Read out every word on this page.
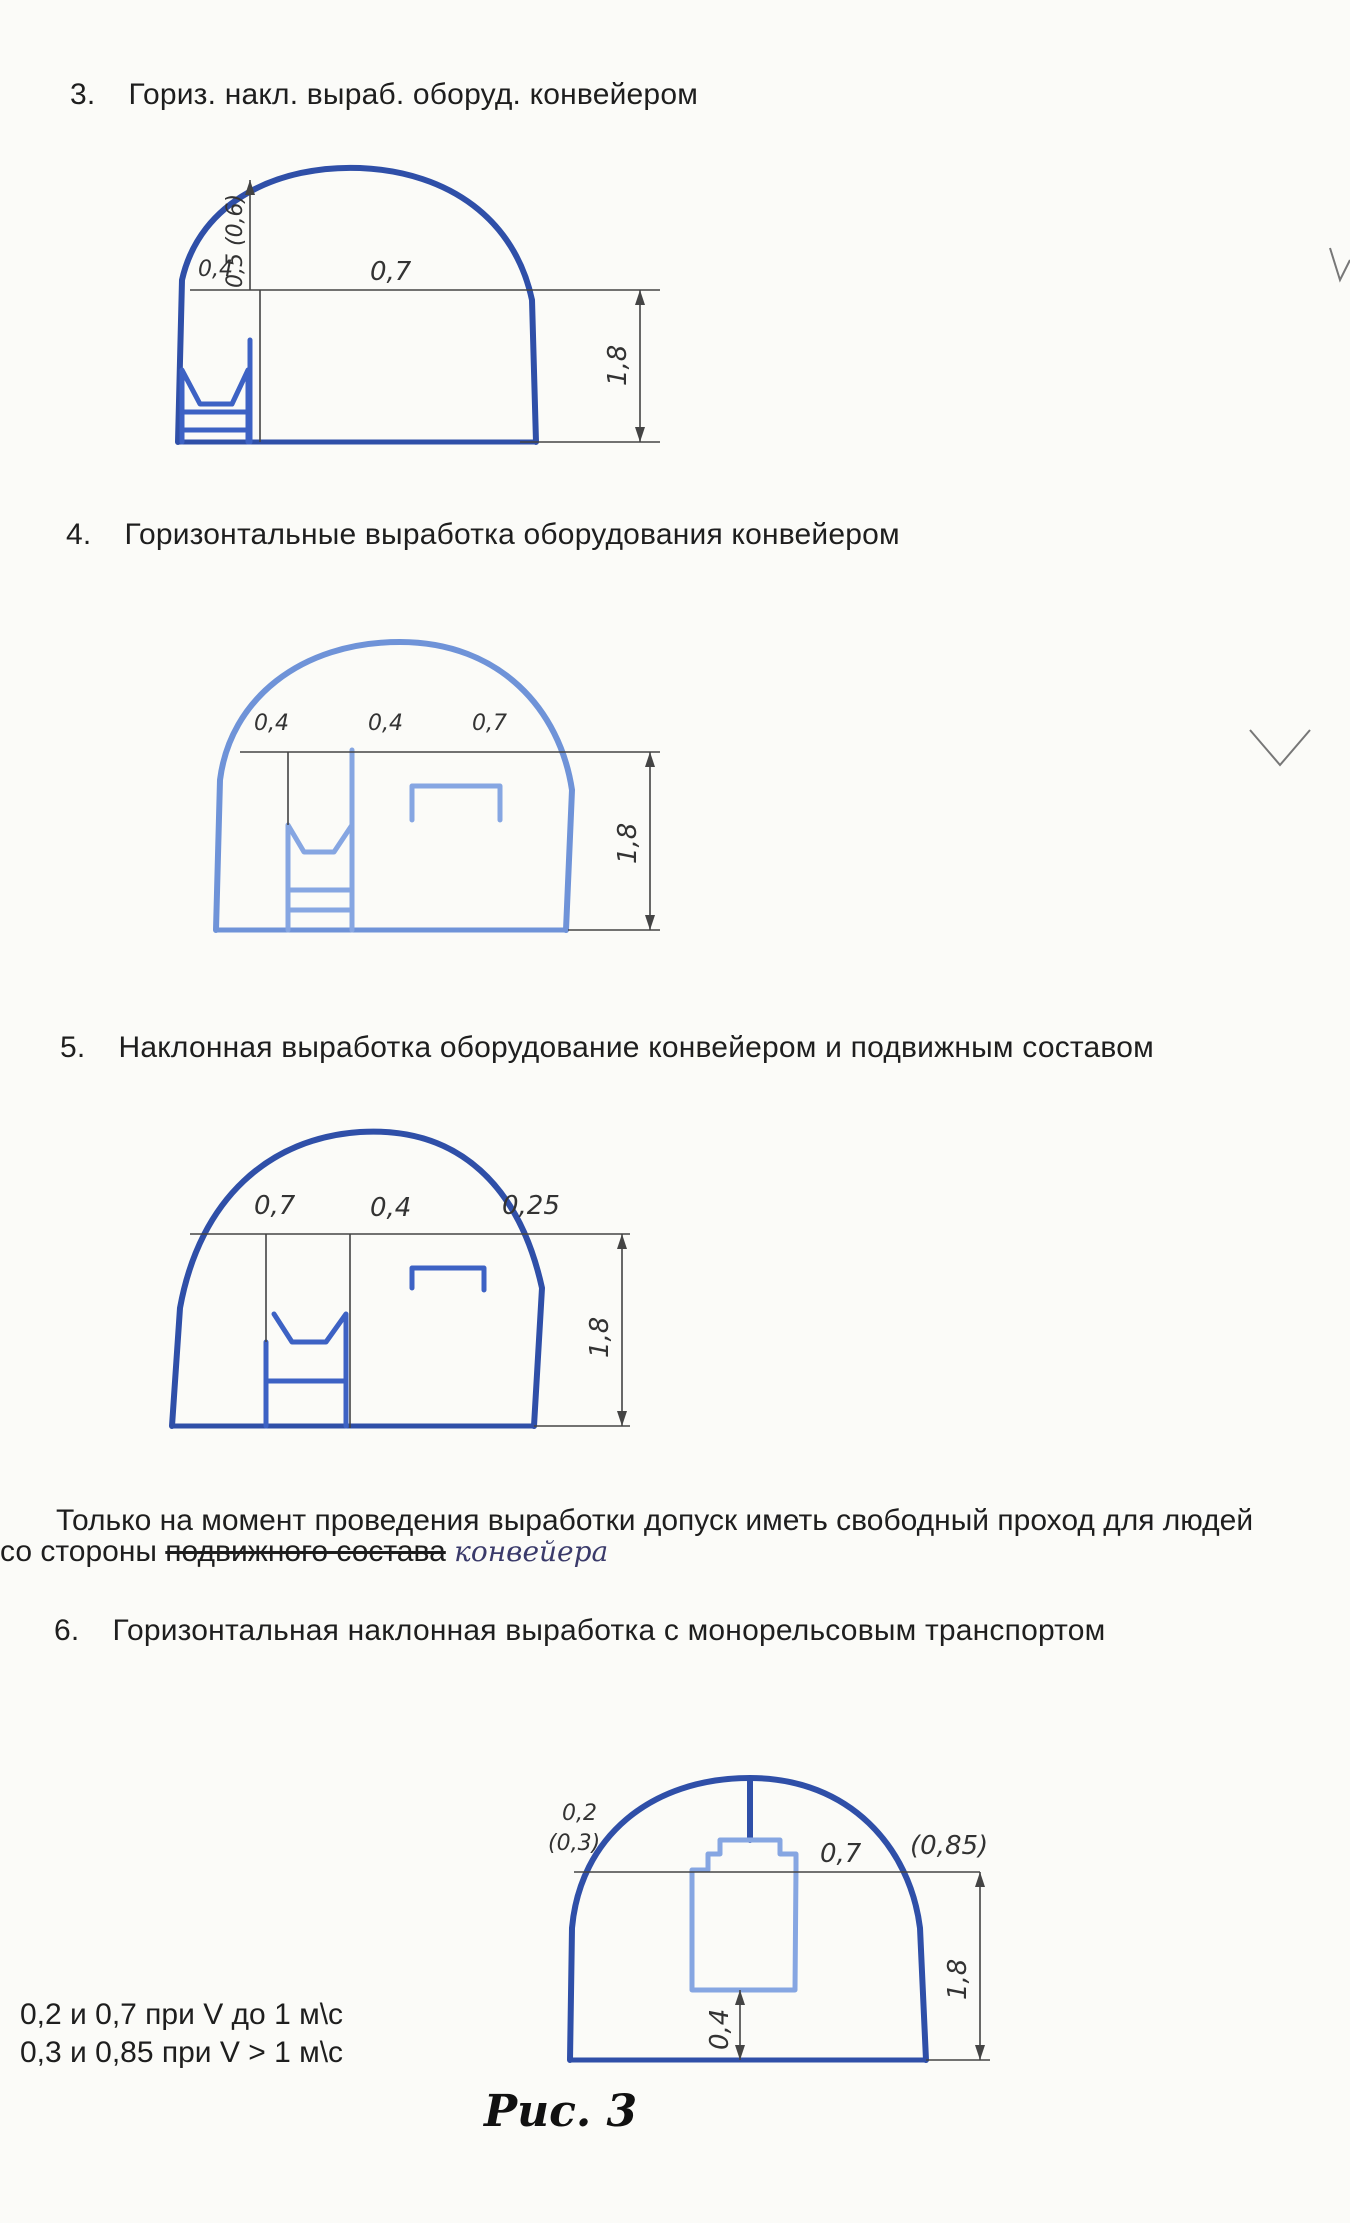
3. Гориз. накл. выраб. оборуд. конвейером
0,4
0,5 (0,6)	0,7
1,8
4. Горизонтальные выработка оборудования конвейером
0,4	0,4	0,7
1,8
5. Наклонная выработка оборудование конвейером и подвижным составом
0,7	0,4	0,25
1,8
Только на момент проведения выработки допуск иметь свободный проход для людей
со стороны подвижного состава конвейера
6. Горизонтальная наклонная выработка с монорельсовым транспортом
0,2
(0,3)	0,7 (0,85)
0,4
1,8
0,2 и 0,7 при V до 1 м\с
0,3 и 0,85 при V > 1 м\с
Рис. 3
